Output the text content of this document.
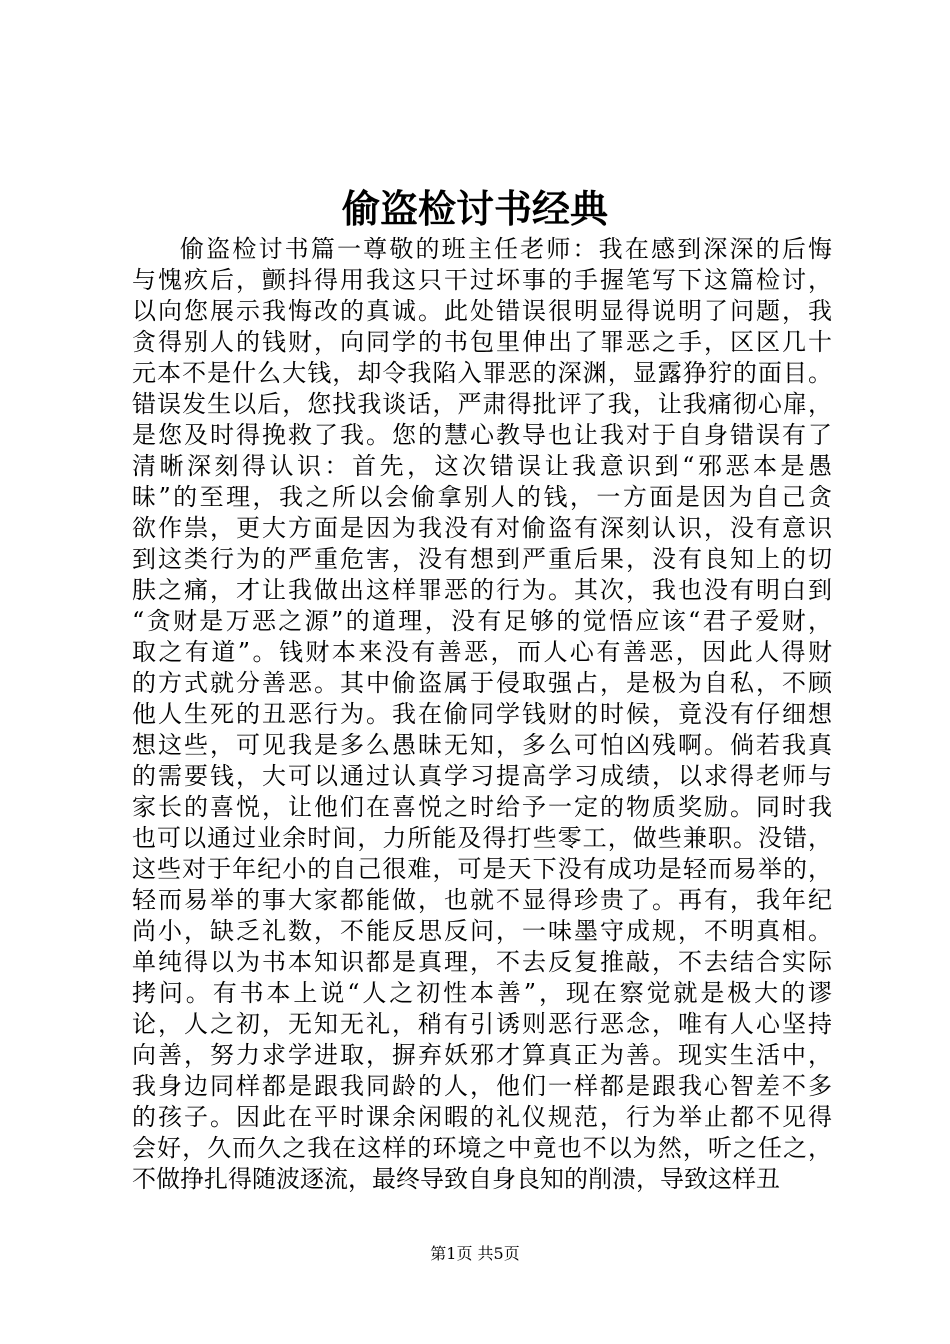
偷盗检讨书经典
偷盗检讨书篇一尊敬的班主任老师：我在感到深深的后悔
与愧疚后，颤抖得用我这只干过坏事的手握笔写下这篇检讨，
以向您展示我悔改的真诚。此处错误很明显得说明了问题，我
贪得别人的钱财，向同学的书包里伸出了罪恶之手，区区几十
元本不是什么大钱，却令我陷入罪恶的深渊，显露狰狞的面目。
错误发生以后，您找我谈话，严肃得批评了我，让我痛彻心扉，
是您及时得挽救了我。您的慧心教导也让我对于自身错误有了
清晰深刻得认识：首先，这次错误让我意识到“邪恶本是愚
昧”的至理，我之所以会偷拿别人的钱，一方面是因为自己贪
欲作祟，更大方面是因为我没有对偷盗有深刻认识，没有意识
到这类行为的严重危害，没有想到严重后果，没有良知上的切
肤之痛，才让我做出这样罪恶的行为。其次，我也没有明白到
“贪财是万恶之源”的道理，没有足够的觉悟应该“君子爱财，
取之有道”。钱财本来没有善恶，而人心有善恶，因此人得财
的方式就分善恶。其中偷盗属于侵取强占，是极为自私，不顾
他人生死的丑恶行为。我在偷同学钱财的时候，竟没有仔细想
想这些，可见我是多么愚昧无知，多么可怕凶残啊。倘若我真
的需要钱，大可以通过认真学习提高学习成绩，以求得老师与
家长的喜悦，让他们在喜悦之时给予一定的物质奖励。同时我
也可以通过业余时间，力所能及得打些零工，做些兼职。没错，
这些对于年纪小的自己很难，可是天下没有成功是轻而易举的，
轻而易举的事大家都能做，也就不显得珍贵了。再有，我年纪
尚小，缺乏礼数，不能反思反问，一味墨守成规，不明真相。
单纯得以为书本知识都是真理，不去反复推敲，不去结合实际
拷问。有书本上说“人之初性本善”，现在察觉就是极大的谬
论，人之初，无知无礼，稍有引诱则恶行恶念，唯有人心坚持
向善，努力求学进取，摒弃妖邪才算真正为善。现实生活中，
我身边同样都是跟我同龄的人，他们一样都是跟我心智差不多
的孩子。因此在平时课余闲暇的礼仪规范，行为举止都不见得
会好，久而久之我在这样的环境之中竟也不以为然，听之任之，
不做挣扎得随波逐流，最终导致自身良知的削溃，导致这样丑
第1页 共5页
